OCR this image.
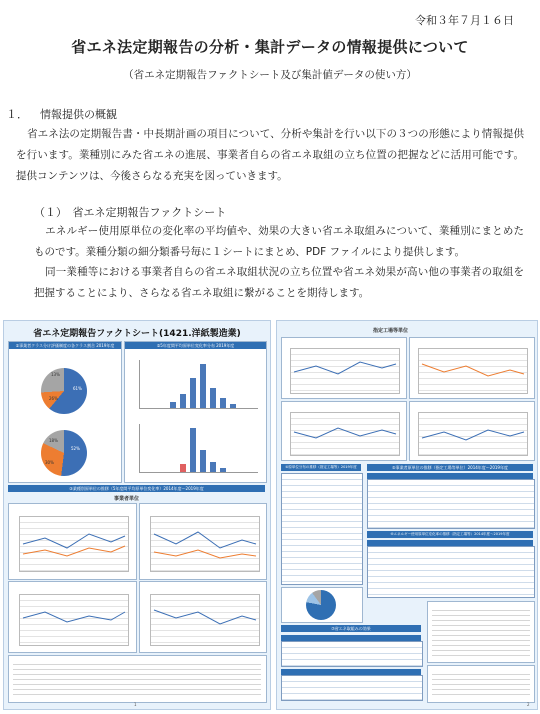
令和３年７月１６日
省エネ法定期報告の分析・集計データの情報提供について
（省エネ定期報告ファクトシート及び集計値データの使い方）
１． 情報提供の概観
省エネ法の定期報告書・中長期計画の項目について、分析や集計を行い以下の３つの形態により情報提供を行います。業種別にみた省エネの進展、事業者自らの省エネ取組の立ち位置の把握などに活用可能です。提供コンテンツは、今後さらなる充実を図っていきます。
（１）　 省エネ定期報告ファクトシート
エネルギー使用原単位の変化率の平均値や、効果の大きい省エネ取組みについて、業種別にまとめたものです。業種分類の細分類番号毎に１シートにまとめ、PDF ファイルにより提供します。
同一業種等における事業者自らの省エネ取組状況の立ち位置や省エネ効果が高い他の事業者の取組を把握することにより、さらなる省エネ取組に繋がることを期待します。
省エネ定期報告ファクトシート(1421.洋紙製造業)
①事業者クラス分け評価制度の各クラス割合 2019年度
61%
13%
26%
52%
30%
18%
②5年度間平均原単位変化率分布 2019年度
③業種別原単位の推移（5年度間平均原単位変化率）2014年度～2019年度
事業者単位
1
指定工場等単位
④原単位分布の推移（指定工場等）2019年度	⑤事業者原単位の推移（指定工場等単位）2014年度～2019年度
⑥エネルギー使用原単位変化率の推移（指定工場等）2014年度～2019年度
⑦省エネ取組みの効果
2
